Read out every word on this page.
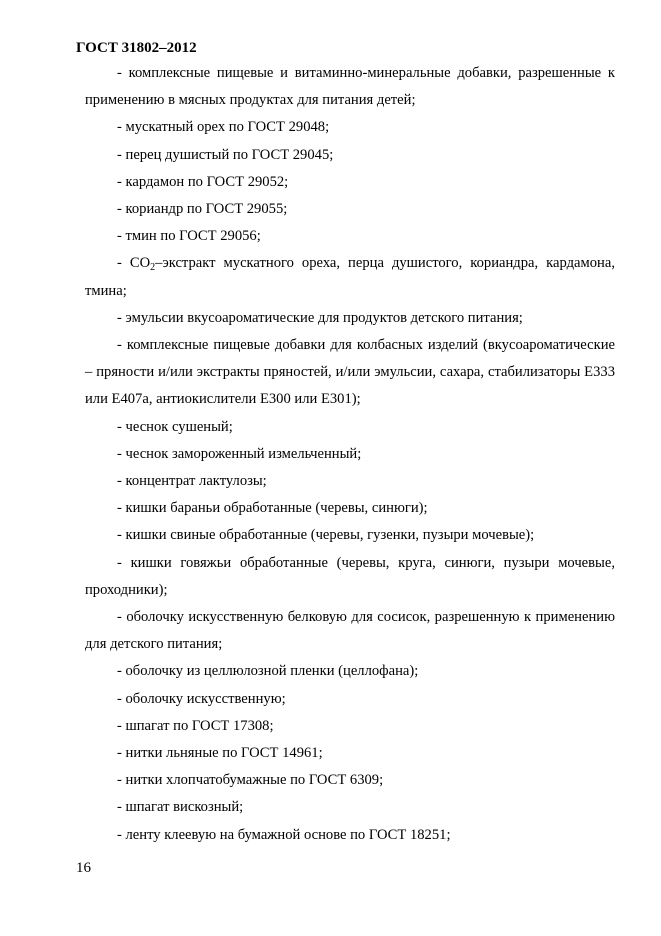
ГОСТ 31802–2012

- комплексные пищевые и витаминно-минеральные добавки, разрешенные к применению в мясных продуктах для питания детей;

- мускатный орех по ГОСТ 29048;

- перец душистый по ГОСТ 29045;

- кардамон по ГОСТ 29052;

- кориандр по ГОСТ 29055;

- тмин по ГОСТ 29056;

- $CO_2$–экстракт мускатного ореха, перца душистого, кориандра, кардамона, тмина;

- эмульсии вкусоароматические для продуктов детского питания;

- комплексные пищевые добавки для колбасных изделий (вкусоароматические – пряности и/или экстракты пряностей, и/или эмульсии, сахара, стабилизаторы Е333 или Е407а, антиокислители Е300 или Е301);

- чеснок сушеный;

- чеснок замороженный измельченный;

- концентрат лактулозы;

- кишки бараньи обработанные (черевы, синюги);

- кишки свиные обработанные (черевы, гузенки, пузыри мочевые);

- кишки говяжьи обработанные (черевы, круга, синюги, пузыри мочевые, проходники);

- оболочку искусственную белковую для сосисок, разрешенную к применению для детского питания;

- оболочку из целлюлозной пленки (целлофана);

- оболочку искусственную;

- шпагат по ГОСТ 17308;

- нитки льняные по ГОСТ 14961;

- нитки хлопчатобумажные по ГОСТ 6309;

- шпагат вискозный;

- ленту клеевую на бумажной основе по ГОСТ 18251;

16
